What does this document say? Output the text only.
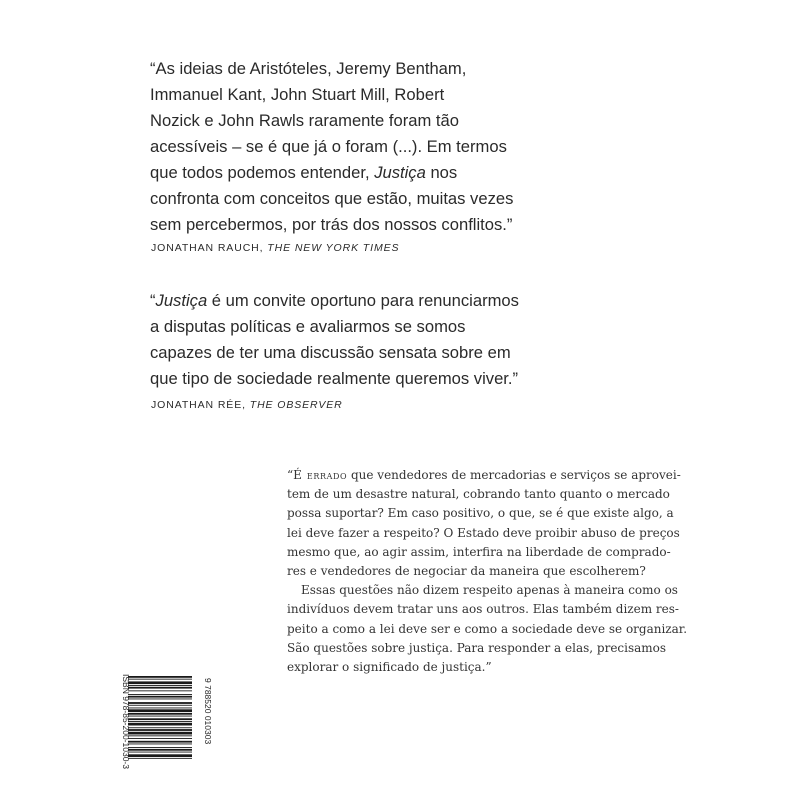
“As ideias de Aristóteles, Jeremy Bentham,
Immanuel Kant, John Stuart Mill, Robert
Nozick e John Rawls raramente foram tão
acessíveis – se é que já o foram (...). Em termos
que todos podemos entender, Justiça nos
confronta com conceitos que estão, muitas vezes
sem percebermos, por trás dos nossos conflitos.”
JONATHAN RAUCH, THE NEW YORK TIMES
“Justiça é um convite oportuno para renunciarmos
a disputas políticas e avaliarmos se somos
capazes de ter uma discussão sensata sobre em
que tipo de sociedade realmente queremos viver.”
JONATHAN RÉE, THE OBSERVER
“É errado que vendedores de mercadorias e serviços se aprovei-
tem de um desastre natural, cobrando tanto quanto o mercado
possa suportar? Em caso positivo, o que, se é que existe algo, a
lei deve fazer a respeito? O Estado deve proibir abuso de preços
mesmo que, ao agir assim, interfira na liberdade de comprado-
res e vendedores de negociar da maneira que escolherem?
Essas questões não dizem respeito apenas à maneira como os
indivíduos devem tratar uns aos outros. Elas também dizem res-
peito a como a lei deve ser e como a sociedade deve se organizar.
São questões sobre justiça. Para responder a elas, precisamos
explorar o significado de justiça.”
ISBN 978-85-200-1030-3	9 788520 010303
